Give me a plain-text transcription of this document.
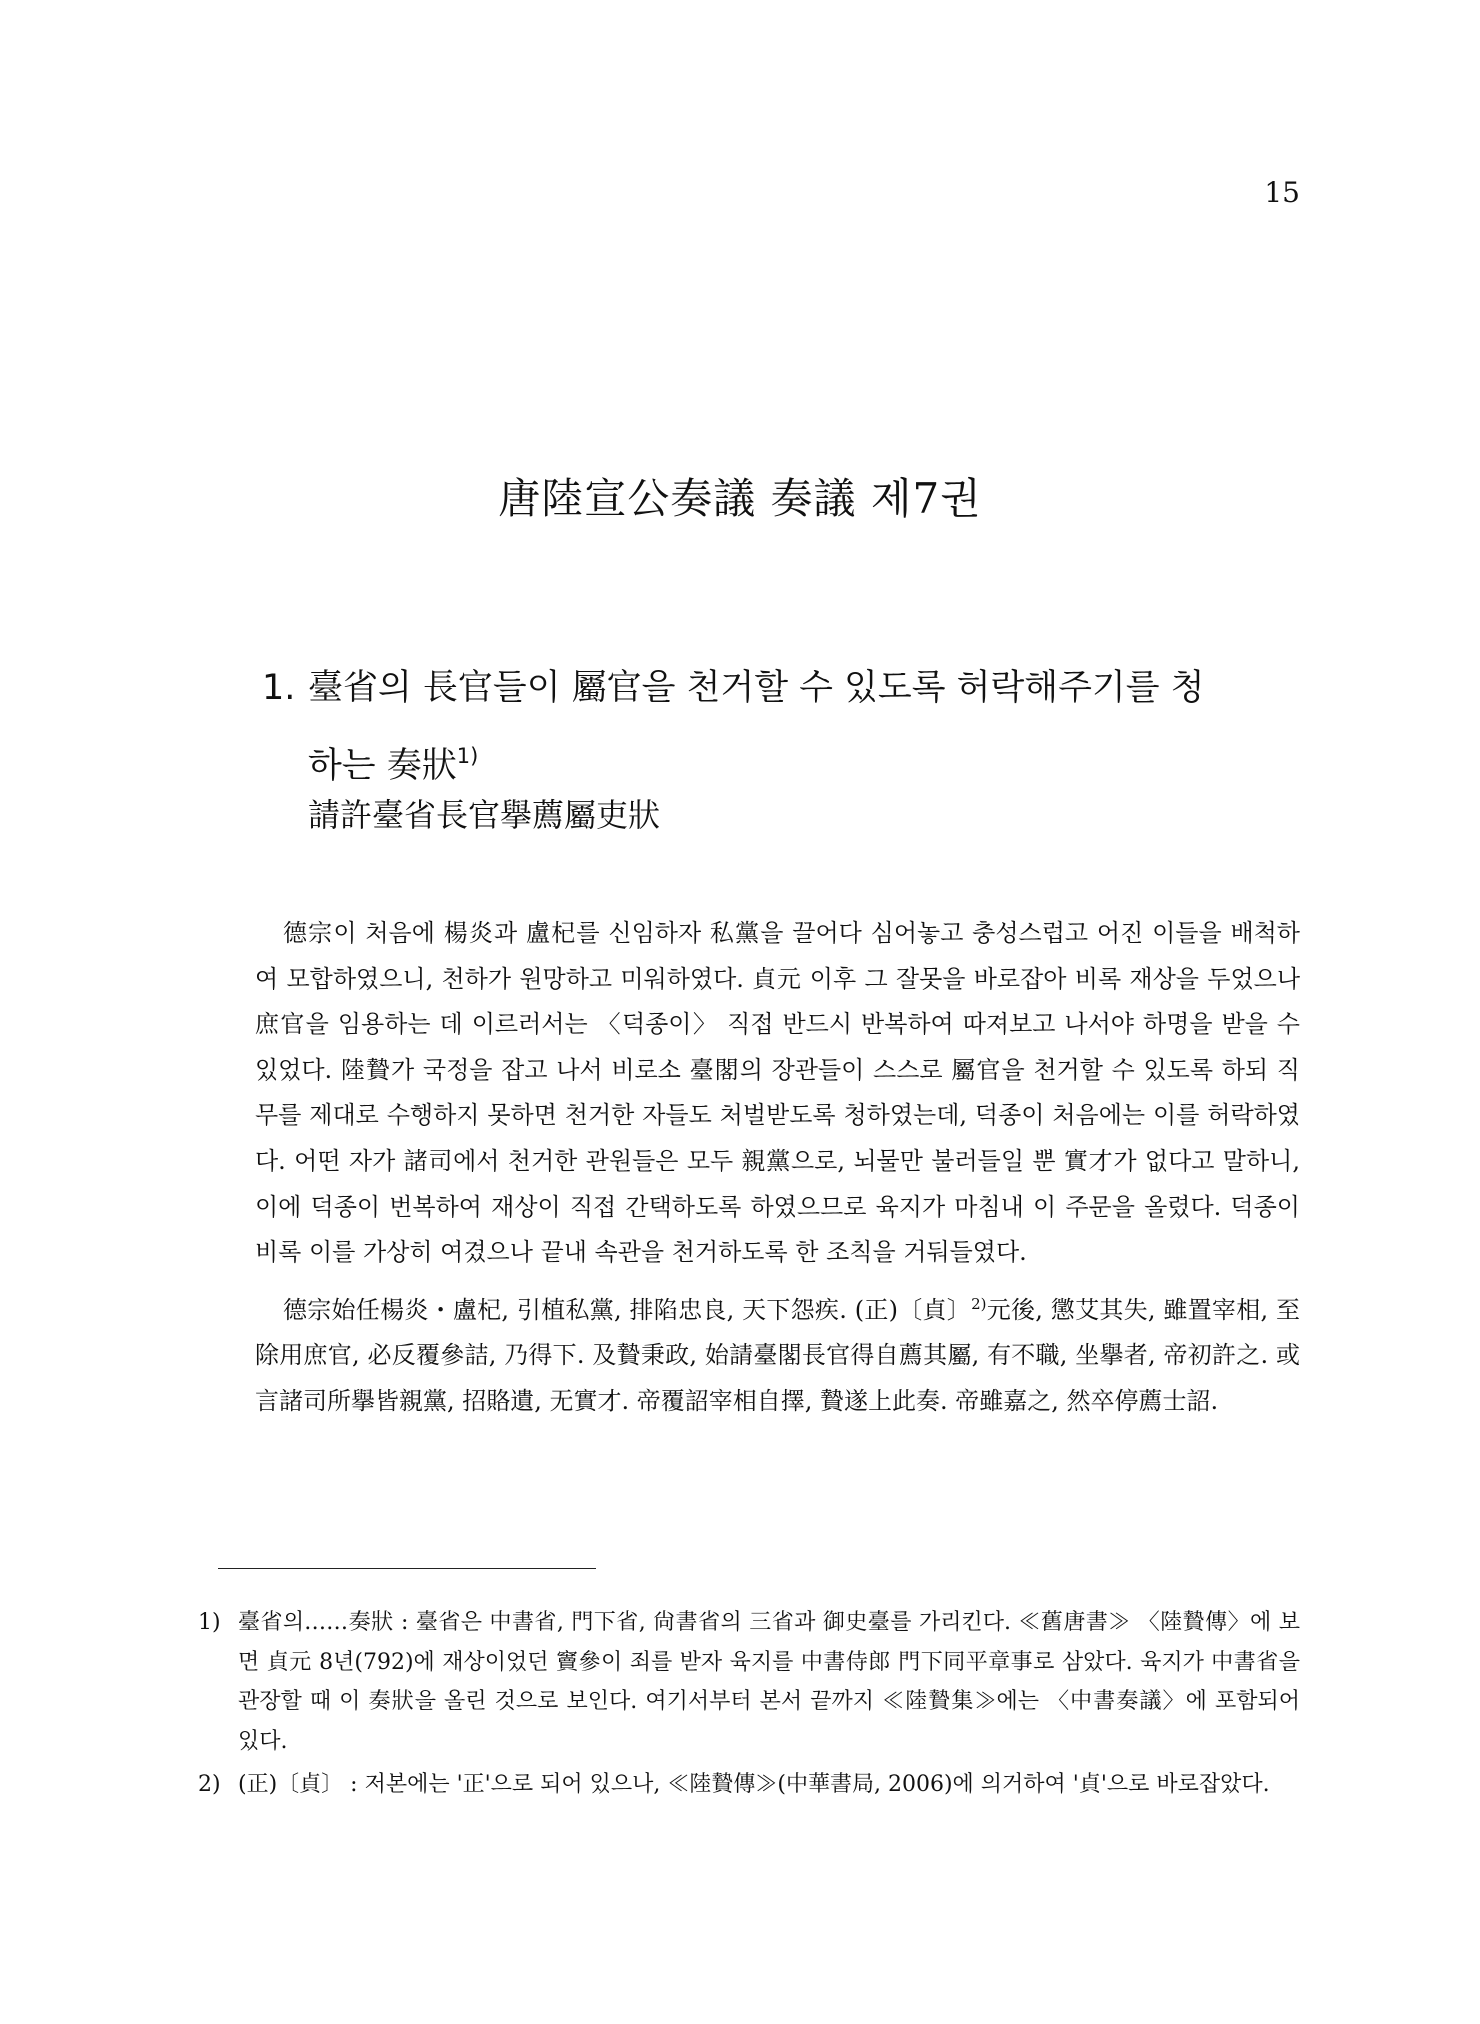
15
唐陸宣公奏議 奏議 제7권
1. 臺省의 長官들이 屬官을 천거할 수 있도록 허락해주기를 청
하는 奏狀$^{1)}$
請許臺省長官擧薦屬吏狀

德宗이 처음에 楊炎과 盧杞를 신임하자 私黨을 끌어다 심어놓고 충성스럽고 어진 이들을 배척하여 모합하였으니, 천하가 원망하고 미워하였다. 貞元 이후 그 잘못을 바로잡아 비록 재상을 두었으나 庶官을 임용하는 데 이르러서는 〈덕종이〉 직접 반드시 반복하여 따져보고 나서야 하명을 받을 수 있었다. 陸贄가 국정을 잡고 나서 비로소 臺閣의 장관들이 스스로 屬官을 천거할 수 있도록 하되 직무를 제대로 수행하지 못하면 천거한 자들도 처벌받도록 청하였는데, 덕종이 처음에는 이를 허락하였다. 어떤 자가 諸司에서 천거한 관원들은 모두 親黨으로, 뇌물만 불러들일 뿐 實才가 없다고 말하니, 이에 덕종이 번복하여 재상이 직접 간택하도록 하였으므로 육지가 마침내 이 주문을 올렸다. 덕종이 비록 이를 가상히 여겼으나 끝내 속관을 천거하도록 한 조칙을 거둬들였다.

德宗始任楊炎・盧杞, 引植私黨, 排陷忠良, 天下怨疾. (正)〔貞〕$^{2)}$元後, 懲艾其失, 雖置宰相, 至除用庶官, 必反覆參詰, 乃得下. 及贄秉政, 始請臺閣長官得自薦其屬, 有不職, 坐擧者, 帝初許之. 或言諸司所擧皆親黨, 招賂遺, 无實才. 帝覆詔宰相自擇, 贄遂上此奏. 帝雖嘉之, 然卒停薦士詔.

1) 臺省의……奏狀 : 臺省은 中書省, 門下省, 尙書省의 三省과 御史臺를 가리킨다. ≪舊唐書≫ 〈陸贄傳〉에 보면 貞元 8년(792)에 재상이었던 竇參이 죄를 받자 육지를 中書侍郎 門下同平章事로 삼았다. 육지가 中書省을 관장할 때 이 奏狀을 올린 것으로 보인다. 여기서부터 본서 끝까지 ≪陸贄集≫에는 〈中書奏議〉에 포함되어 있다.
2) (正)〔貞〕 : 저본에는 '正'으로 되어 있으나, ≪陸贄傳≫(中華書局, 2006)에 의거하여 '貞'으로 바로잡았다.
